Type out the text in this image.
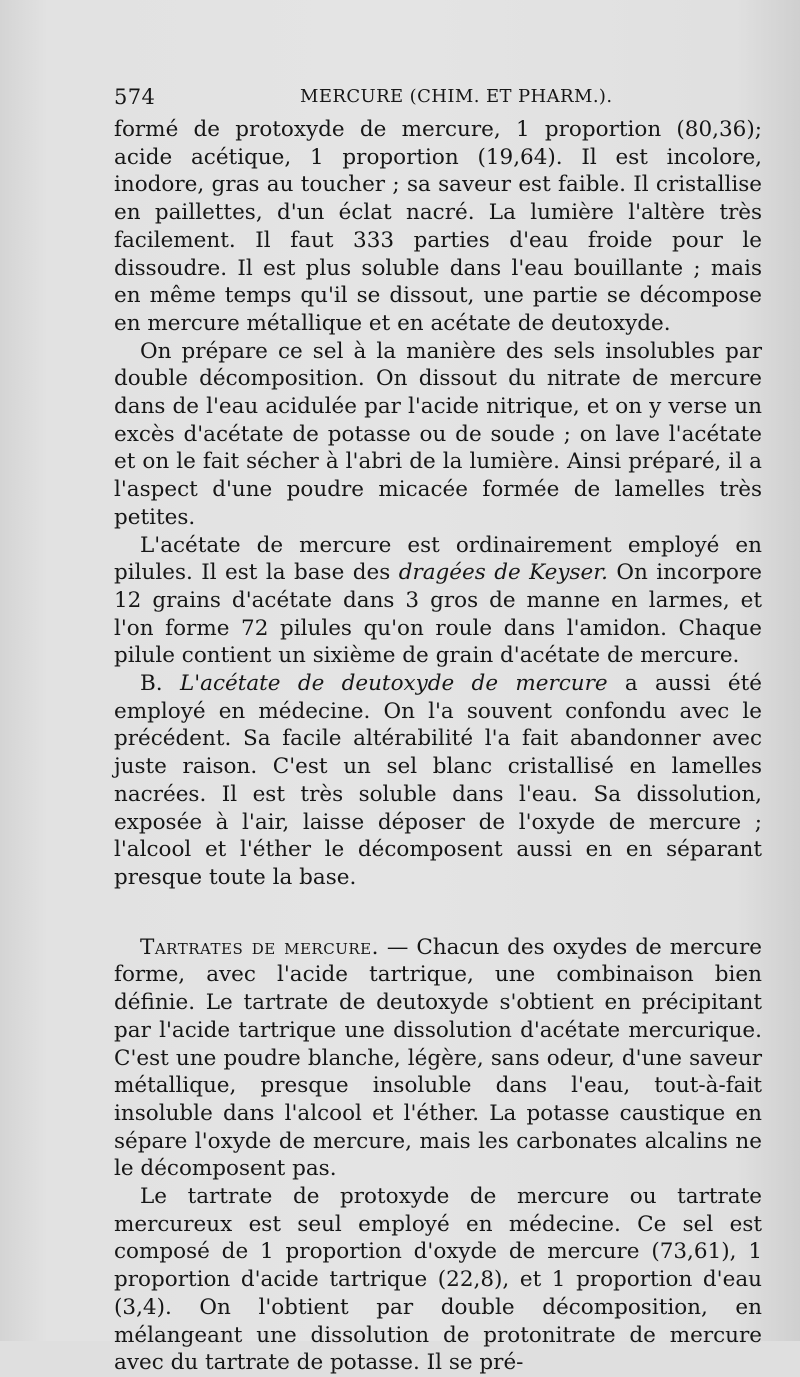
574	MERCURE (CHIM. ET PHARM.).

formé de protoxyde de mercure, 1 proportion (80,36); acide acétique, 1 proportion (19,64). Il est incolore, inodore, gras au toucher ; sa saveur est faible. Il cristallise en paillettes, d'un éclat nacré. La lumière l'altère très facilement. Il faut 333 parties d'eau froide pour le dissoudre. Il est plus soluble dans l'eau bouillante ; mais en même temps qu'il se dissout, une partie se décompose en mercure métallique et en acétate de deutoxyde.

On prépare ce sel à la manière des sels insolubles par double décomposition. On dissout du nitrate de mercure dans de l'eau acidulée par l'acide nitrique, et on y verse un excès d'acétate de potasse ou de soude ; on lave l'acétate et on le fait sécher à l'abri de la lumière. Ainsi préparé, il a l'aspect d'une poudre micacée formée de lamelles très petites.

L'acétate de mercure est ordinairement employé en pilules. Il est la base des dragées de Keyser. On incorpore 12 grains d'acétate dans 3 gros de manne en larmes, et l'on forme 72 pilules qu'on roule dans l'amidon. Chaque pilule contient un sixième de grain d'acétate de mercure.

B. L'acétate de deutoxyde de mercure a aussi été employé en médecine. On l'a souvent confondu avec le précédent. Sa facile altérabilité l'a fait abandonner avec juste raison. C'est un sel blanc cristallisé en lamelles nacrées. Il est très soluble dans l'eau. Sa dissolution, exposée à l'air, laisse déposer de l'oxyde de mercure ; l'alcool et l'éther le décomposent aussi en en séparant presque toute la base.

Tartrates de mercure. — Chacun des oxydes de mercure forme, avec l'acide tartrique, une combinaison bien définie. Le tartrate de deutoxyde s'obtient en précipitant par l'acide tartrique une dissolution d'acétate mercurique. C'est une poudre blanche, légère, sans odeur, d'une saveur métallique, presque insoluble dans l'eau, tout-à-fait insoluble dans l'alcool et l'éther. La potasse caustique en sépare l'oxyde de mercure, mais les carbonates alcalins ne le décomposent pas.

Le tartrate de protoxyde de mercure ou tartrate mercureux est seul employé en médecine. Ce sel est composé de 1 proportion d'oxyde de mercure (73,61), 1 proportion d'acide tartrique (22,8), et 1 proportion d'eau (3,4). On l'obtient par double décomposition, en mélangeant une dissolution de protonitrate de mercure avec du tartrate de potasse. Il se pré-
